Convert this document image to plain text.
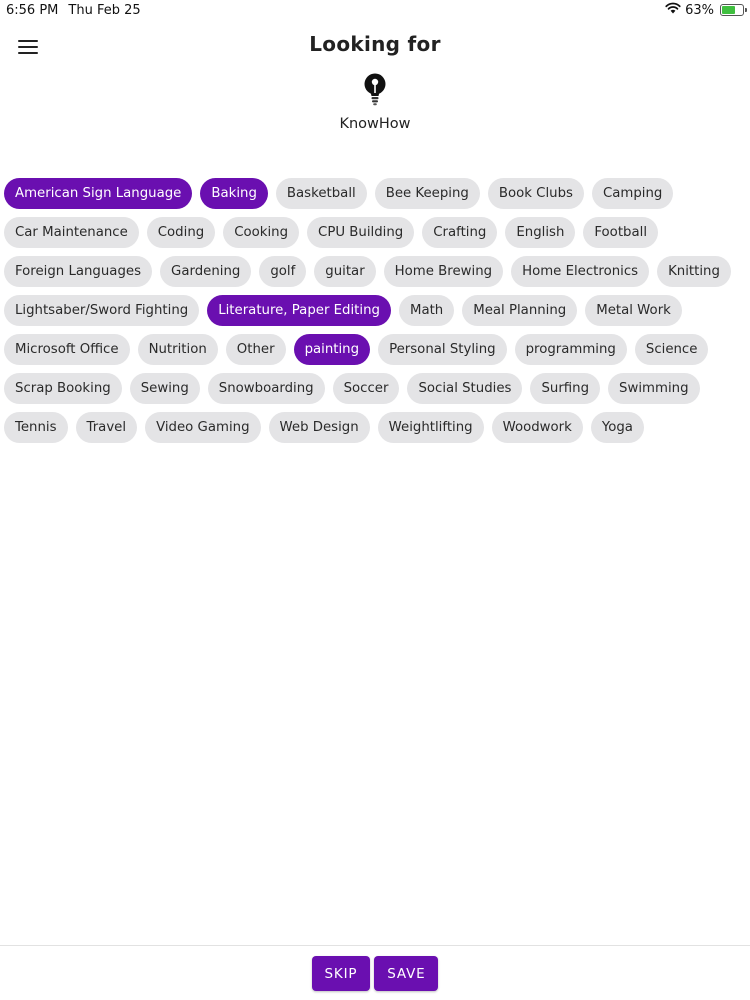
6:56 PM Thu Feb 25	63%
Looking for
KnowHow
American Sign Language	Baking	Basketball	Bee Keeping	Book Clubs	Camping
Car Maintenance	Coding	Cooking	CPU Building	Crafting	English	Football
Foreign Languages	Gardening	golf	guitar	Home Brewing	Home Electronics	Knitting
Lightsaber/Sword Fighting	Literature, Paper Editing	Math	Meal Planning	Metal Work
Microsoft Office	Nutrition	Other	painting	Personal Styling	programming	Science
Scrap Booking	Sewing	Snowboarding	Soccer	Social Studies	Surfing	Swimming
Tennis	Travel	Video Gaming	Web Design	Weightlifting	Woodwork	Yoga
SKIP	SAVE
